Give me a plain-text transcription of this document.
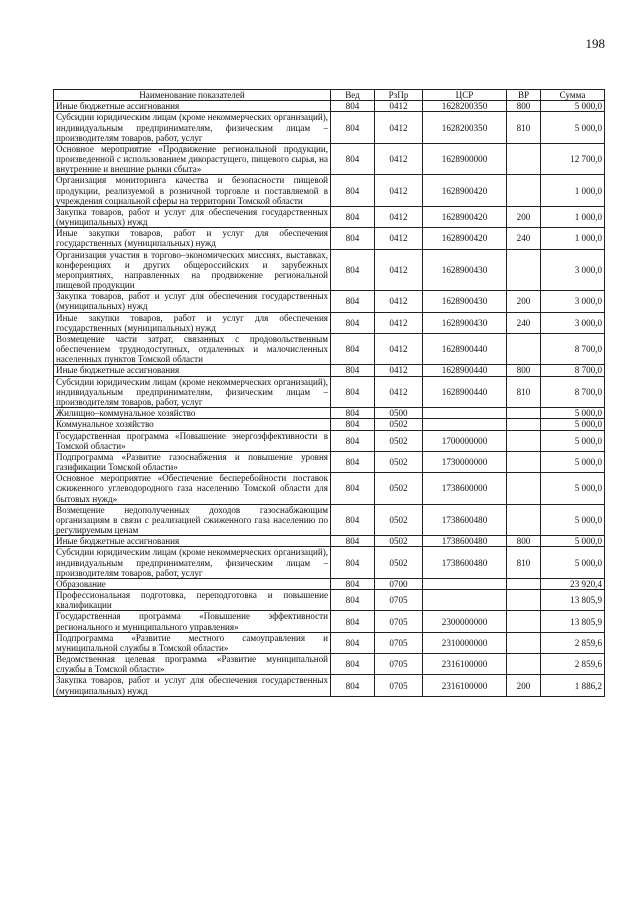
198
Наименование показателей	Вед	РзПр	ЦСР	ВР	Сумма
Иные бюджетные ассигнования	804	0412	1628200350	800	5 000,0
Субсидии юридическим лицам (кроме некоммерческих организаций), индивидуальным предпринимателям, физическим лицам – производителям товаров, работ, услуг	804	0412	1628200350	810	5 000,0
Основное мероприятие «Продвижение региональной продукции, произведенной с использованием дикорастущего, пищевого сырья, на внутренние и внешние рынки сбыта»	804	0412	1628900000		12 700,0
Организация мониторинга качества и безопасности пищевой продукции, реализуемой в розничной торговле и поставляемой в учреждения социальной сферы на территории Томской области	804	0412	1628900420		1 000,0
Закупка товаров, работ и услуг для обеспечения государственных (муниципальных) нужд	804	0412	1628900420	200	1 000,0
Иные закупки товаров, работ и услуг для обеспечения государственных (муниципальных) нужд	804	0412	1628900420	240	1 000,0
Организация участия в торгово–экономических миссиях, выставках, конференциях и других общероссийских и зарубежных мероприятиях, направленных на продвижение региональной пищевой продукции	804	0412	1628900430		3 000,0
Закупка товаров, работ и услуг для обеспечения государственных (муниципальных) нужд	804	0412	1628900430	200	3 000,0
Иные закупки товаров, работ и услуг для обеспечения государственных (муниципальных) нужд	804	0412	1628900430	240	3 000,0
Возмещение части затрат, связанных с продовольственным обеспечением труднодоступных, отдаленных и малочисленных населенных пунктов Томской области	804	0412	1628900440		8 700,0
Иные бюджетные ассигнования	804	0412	1628900440	800	8 700,0
Субсидии юридическим лицам (кроме некоммерческих организаций), индивидуальным предпринимателям, физическим лицам – производителям товаров, работ, услуг	804	0412	1628900440	810	8 700,0
Жилищно–коммунальное хозяйство	804	0500			5 000,0
Коммунальное хозяйство	804	0502			5 000,0
Государственная программа «Повышение энергоэффективности в Томской области»	804	0502	1700000000		5 000,0
Подпрограмма «Развитие газоснабжения и повышение уровня газификации Томской области»	804	0502	1730000000		5 000,0
Основное мероприятие «Обеспечение бесперебойности поставок сжиженного углеводородного газа населению Томской области для бытовых нужд»	804	0502	1738600000		5 000,0
Возмещение недополученных доходов газоснабжающим организациям в связи с реализацией сжиженного газа населению по регулируемым ценам	804	0502	1738600480		5 000,0
Иные бюджетные ассигнования	804	0502	1738600480	800	5 000,0
Субсидии юридическим лицам (кроме некоммерческих организаций), индивидуальным предпринимателям, физическим лицам – производителям товаров, работ, услуг	804	0502	1738600480	810	5 000,0
Образование	804	0700			23 920,4
Профессиональная подготовка, переподготовка и повышение квалификации	804	0705			13 805,9
Государственная программа «Повышение эффективности регионального и муниципального управления»	804	0705	2300000000		13 805,9
Подпрограмма «Развитие местного самоуправления и муниципальной службы в Томской области»	804	0705	2310000000		2 859,6
Ведомственная целевая программа «Развитие муниципальной службы в Томской области»	804	0705	2316100000		2 859,6
Закупка товаров, работ и услуг для обеспечения государственных (муниципальных) нужд	804	0705	2316100000	200	1 886,2
